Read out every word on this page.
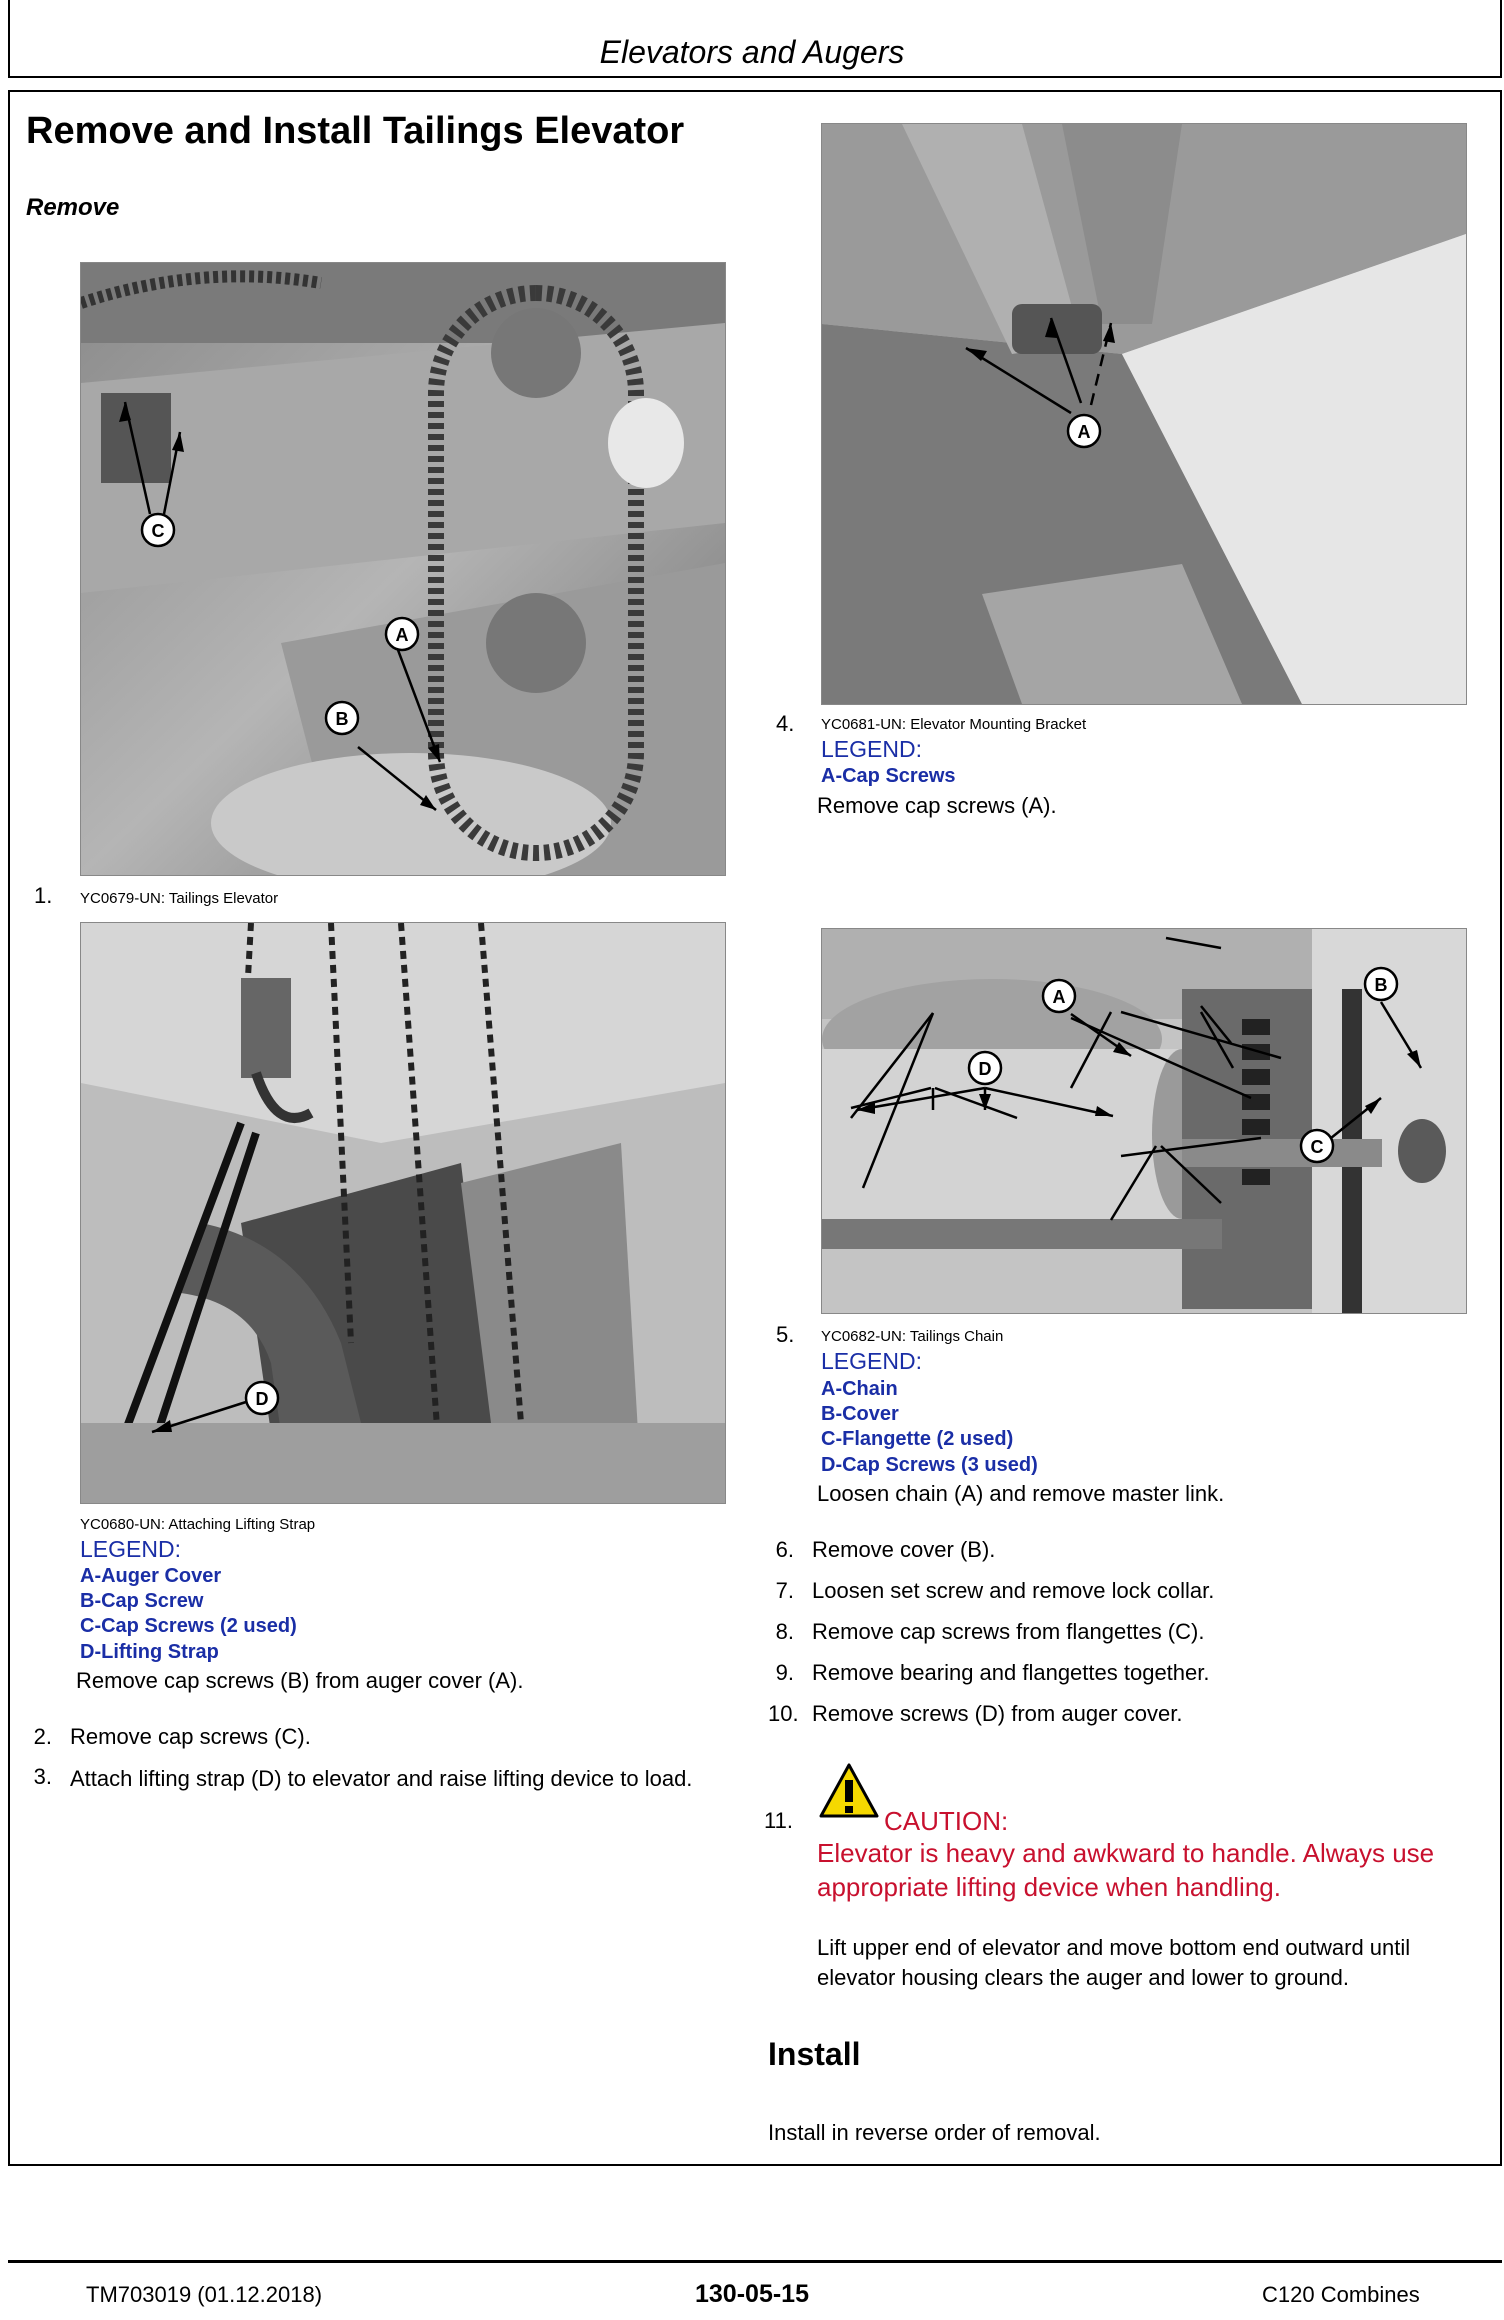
Elevators and Augers
Remove and Install Tailings Elevator
Remove
C
A
B
1. YC0679-UN: Tailings Elevator
D
YC0680-UN: Attaching Lifting Strap
LEGEND:
A-Auger Cover
B-Cap Screw
C-Cap Screws (2 used)
D-Lifting Strap
Remove cap screws (B) from auger cover (A).
2. Remove cap screws (C).
3. Attach lifting strap (D) to elevator and raise lifting device to load.
A
4. YC0681-UN: Elevator Mounting Bracket
LEGEND:
A-Cap Screws
Remove cap screws (A).
A
B
C
D
5. YC0682-UN: Tailings Chain
LEGEND:
A-Chain
B-Cover
C-Flangette (2 used)
D-Cap Screws (3 used)
Loosen chain (A) and remove master link.
6. Remove cover (B).
7. Loosen set screw and remove lock collar.
8. Remove cap screws from flangettes (C).
9. Remove bearing and flangettes together.
10. Remove screws (D) from auger cover.
11.	CAUTION:
Elevator is heavy and awkward to handle. Always use appropriate lifting device when handling.
Lift upper end of elevator and move bottom end outward until elevator housing clears the auger and lower to ground.
Install
Install in reverse order of removal.
TM703019 (01.12.2018)	130-05-15	C120 Combines
